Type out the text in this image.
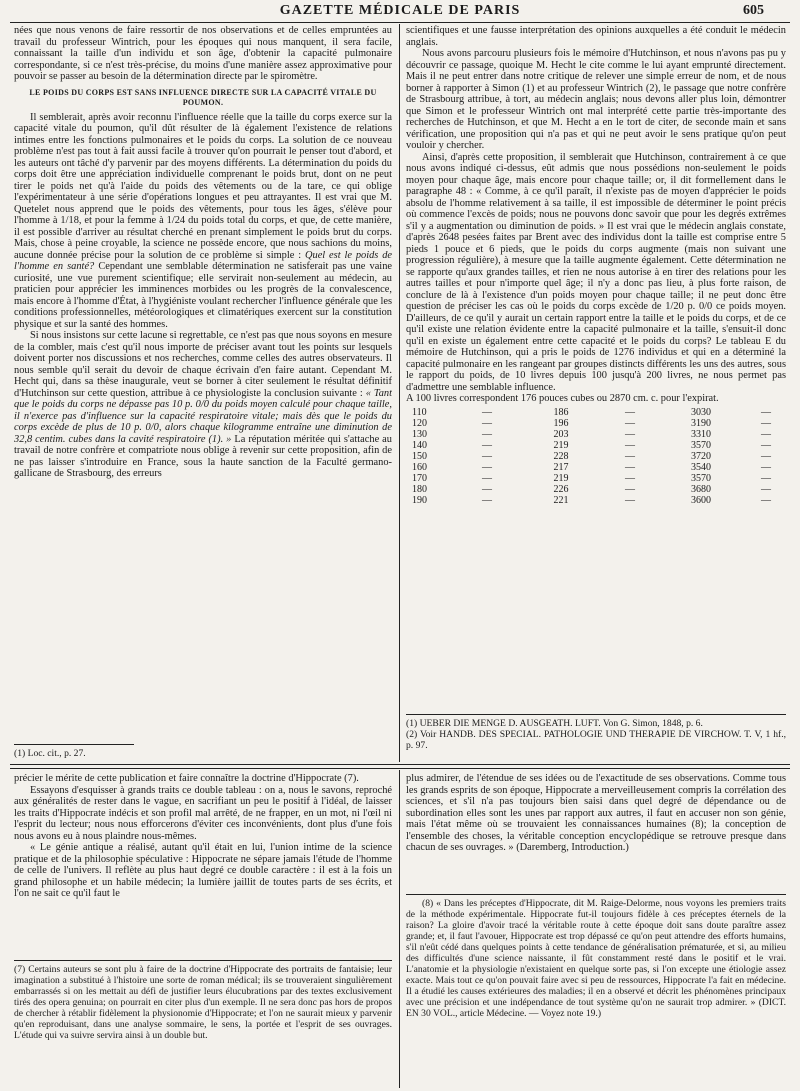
GAZETTE MÉDICALE DE PARIS	605

nées que nous venons de faire ressortir de nos observations et de celles empruntées au travail du professeur Wintrich, pour les époques qui nous manquent, il sera facile, connaissant la taille d'un individu et son âge, d'obtenir la capacité pulmonaire correspondante, si ce n'est très-précise, du moins d'une manière assez approximative pour pouvoir se passer au besoin de la détermination directe par le spiromètre.

LE POIDS DU CORPS EST SANS INFLUENCE DIRECTE SUR LA CAPACITÉ VITALE DU POUMON.

Il semblerait, après avoir reconnu l'influence réelle que la taille du corps exerce sur la capacité vitale du poumon, qu'il dût résulter de là également l'existence de relations intimes entre les fonctions pulmonaires et le poids du corps. La solution de ce nouveau problème n'est pas tout à fait aussi facile à trouver qu'on pourrait le penser tout d'abord, et les auteurs ont tâché d'y parvenir par des moyens différents. La détermination du poids du corps doit être une appréciation individuelle comprenant le poids brut, dont on ne peut tirer le poids net qu'à l'aide du poids des vêtements ou de la tare, ce qui oblige l'expérimentateur à une série d'opérations longues et peu attrayantes. Il est vrai que M. Quetelet nous apprend que le poids des vêtements, pour tous les âges, s'élève pour l'homme à 1/18, et pour la femme à 1/24 du poids total du corps, et que, de cette manière, il est possible d'arriver au résultat cherché en prenant simplement le poids brut du corps. Mais, chose à peine croyable, la science ne possède encore, que nous sachions du moins, aucune donnée précise pour la solution de ce problème si simple : Quel est le poids de l'homme en santé? Cependant une semblable détermination ne satisferait pas une vaine curiosité, une vue purement scientifique; elle servirait non-seulement au médecin, au praticien pour apprécier les imminences morbides ou les progrès de la convalescence, mais encore à l'homme d'État, à l'hygiéniste voulant rechercher l'influence générale que les conditions professionnelles, météorologiques et climatériques exercent sur la constitution physique et sur la santé des hommes.

Si nous insistons sur cette lacune si regrettable, ce n'est pas que nous soyons en mesure de la combler, mais c'est qu'il nous importe de préciser avant tout les points sur lesquels doivent porter nos discussions et nos recherches, comme celles des autres observateurs. Il nous semble qu'il serait du devoir de chaque écrivain d'en faire autant. Cependant M. Hecht qui, dans sa thèse inaugurale, veut se borner à citer seulement le résultat définitif d'Hutchinson sur cette question, attribue à ce physiologiste la conclusion suivante : « Tant que le poids du corps ne dépasse pas 10 p. 0/0 du poids moyen calculé pour chaque taille, il n'exerce pas d'influence sur la capacité respiratoire vitale; mais dès que le poids du corps excède de plus de 10 p. 0/0, alors chaque kilogramme entraîne une diminution de 32,8 centim. cubes dans la cavité respiratoire (1). » La réputation méritée qui s'attache au travail de notre confrère et compatriote nous oblige à revenir sur cette proposition, afin de ne pas laisser s'introduire en France, sous la haute sanction de la Faculté germano-gallicane de Strasbourg, des erreurs

(1) Loc. cit., p. 27.

scientifiques et une fausse interprétation des opinions auxquelles a été conduit le médecin anglais.

Nous avons parcouru plusieurs fois le mémoire d'Hutchinson, et nous n'avons pas pu y découvrir ce passage, quoique M. Hecht le cite comme le lui ayant emprunté directement. Mais il ne peut entrer dans notre critique de relever une simple erreur de nom, et de nous borner à rapporter à Simon (1) et au professeur Wintrich (2), le passage que notre confrère de Strasbourg attribue, à tort, au médecin anglais; nous devons aller plus loin, démontrer que Simon et le professeur Wintrich ont mal interprété cette partie très-importante des recherches de Hutchinson, et que M. Hecht a en le tort de citer, de seconde main et sans vérification, une proposition qui n'a pas et qui ne peut avoir le sens pratique qu'on peut vouloir y chercher.

Ainsi, d'après cette proposition, il semblerait que Hutchinson, contrairement à ce que nous avons indiqué ci-dessus, eût admis que nous possédions non-seulement le poids moyen pour chaque âge, mais encore pour chaque taille; or, il dit formellement dans le paragraphe 48 : « Comme, à ce qu'il paraît, il n'existe pas de moyen d'apprécier le poids absolu de l'homme relativement à sa taille, il est impossible de déterminer le point précis où commence l'excès de poids; nous ne pouvons donc savoir que pour les degrés extrêmes s'il y a augmentation ou diminution de poids. » Il est vrai que le médecin anglais constate, d'après 2648 pesées faites par Brent avec des individus dont la taille est comprise entre 5 pieds 1 pouce et 6 pieds, que le poids du corps augmente (mais non suivant une progression régulière), à mesure que la taille augmente également. Cette détermination ne se rapporte qu'aux grandes tailles, et rien ne nous autorise à en tirer des relations pour les autres tailles et pour n'importe quel âge; il n'y a donc pas lieu, à plus forte raison, de conclure de là à l'existence d'un poids moyen pour chaque taille; il ne peut donc être question de préciser les cas où le poids du corps excède de 1/20 p. 0/0 ce poids moyen. D'ailleurs, de ce qu'il y aurait un certain rapport entre la taille et le poids du corps, et de ce qu'il existe une relation évidente entre la capacité pulmonaire et la taille, s'ensuit-il donc qu'il en existe un également entre cette capacité et le poids du corps? Le tableau E du mémoire de Hutchinson, qui a pris le poids de 1276 individus et qui en a déterminé la capacité pulmonaire en les rangeant par groupes distincts différents les uns des autres, sous le rapport du poids, de 10 livres depuis 100 jusqu'à 200 livres, ne nous permet pas d'admettre une semblable influence.

A 100 livres correspondent 176 pouces cubes ou 2870 cm. c. pour l'expirat.
110	—	186	—	3030	—
120	—	196	—	3190	—
130	—	203	—	3310	—
140	—	219	—	3570	—
150	—	228	—	3720	—
160	—	217	—	3540	—
170	—	219	—	3570	—
180	—	226	—	3680	—
190	—	221	—	3600	—

(1) UEBER DIE MENGE D. AUSGEATH. LUFT. Von G. Simon, 1848, p. 6.

(2) Voir HANDB. DES SPECIAL. PATHOLOGIE UND THERAPIE DE VIRCHOW. T. V, 1 hf., p. 97.

précier le mérite de cette publication et faire connaître la doctrine d'Hippocrate (7).

Essayons d'esquisser à grands traits ce double tableau : on a, nous le savons, reproché aux généralités de rester dans le vague, en sacrifiant un peu le positif à l'idéal, de laisser les traits d'Hippocrate indécis et son profil mal arrêté, de ne frapper, en un mot, ni l'œil ni l'esprit du lecteur; nous nous efforcerons d'éviter ces inconvénients, dont plus d'une fois nous avons eu à nous plaindre nous-mêmes.

« Le génie antique a réalisé, autant qu'il était en lui, l'union intime de la science pratique et de la philosophie spéculative : Hippocrate ne sépare jamais l'étude de l'homme de celle de l'univers. Il reflète au plus haut degré ce double caractère : il est à la fois un grand philosophe et un habile médecin; la lumière jaillit de toutes parts de ses écrits, et l'on ne sait ce qu'il faut le

(7) Certains auteurs se sont plu à faire de la doctrine d'Hippocrate des portraits de fantaisie; leur imagination a substitué à l'histoire une sorte de roman médical; ils se trouveraient singulièrement embarrassés si on les mettait au défi de justifier leurs élucubrations par des textes exclusivement tirés des opera genuina; on pourrait en citer plus d'un exemple. Il ne sera donc pas hors de propos de chercher à rétablir fidèlement la physionomie d'Hippocrate; et l'on ne saurait mieux y parvenir qu'en reproduisant, dans une analyse sommaire, le sens, la portée et l'esprit de ses ouvrages. L'étude qui va suivre servira ainsi à un double but.

plus admirer, de l'étendue de ses idées ou de l'exactitude de ses observations. Comme tous les grands esprits de son époque, Hippocrate a merveilleusement compris la corrélation des sciences, et s'il n'a pas toujours bien saisi dans quel degré de dépendance ou de subordination elles sont les unes par rapport aux autres, il faut en accuser non son génie, mais l'état même où se trouvaient les connaissances humaines (8); la conception de l'ensemble des choses, la véritable conception encyclopédique se retrouve presque dans chacun de ses ouvrages. » (Daremberg, Introduction.)

(8) « Dans les préceptes d'Hippocrate, dit M. Raige-Delorme, nous voyons les premiers traits de la méthode expérimentale. Hippocrate fut-il toujours fidèle à ces préceptes éternels de la raison? La gloire d'avoir tracé la véritable route à cette époque doit sans doute paraître assez grande; et, il faut l'avouer, Hippocrate est trop dépassé ce qu'on peut attendre des efforts humains, s'il n'eût cédé dans quelques points à cette tendance de généralisation prématurée, et si, au milieu des difficultés d'une science naissante, il fût constamment resté dans le positif et le vrai. L'anatomie et la physiologie n'existaient en quelque sorte pas, si l'on excepte une étiologie assez exacte. Mais tout ce qu'on pouvait faire avec si peu de ressources, Hippocrate l'a fait en médecine. Il a étudié les causes extérieures des maladies; il en a observé et décrit les phénomènes principaux avec une précision et une indépendance de tout système qu'on ne saurait trop admirer. » (DICT. EN 30 VOL., article Médecine. — Voyez note 19.)
